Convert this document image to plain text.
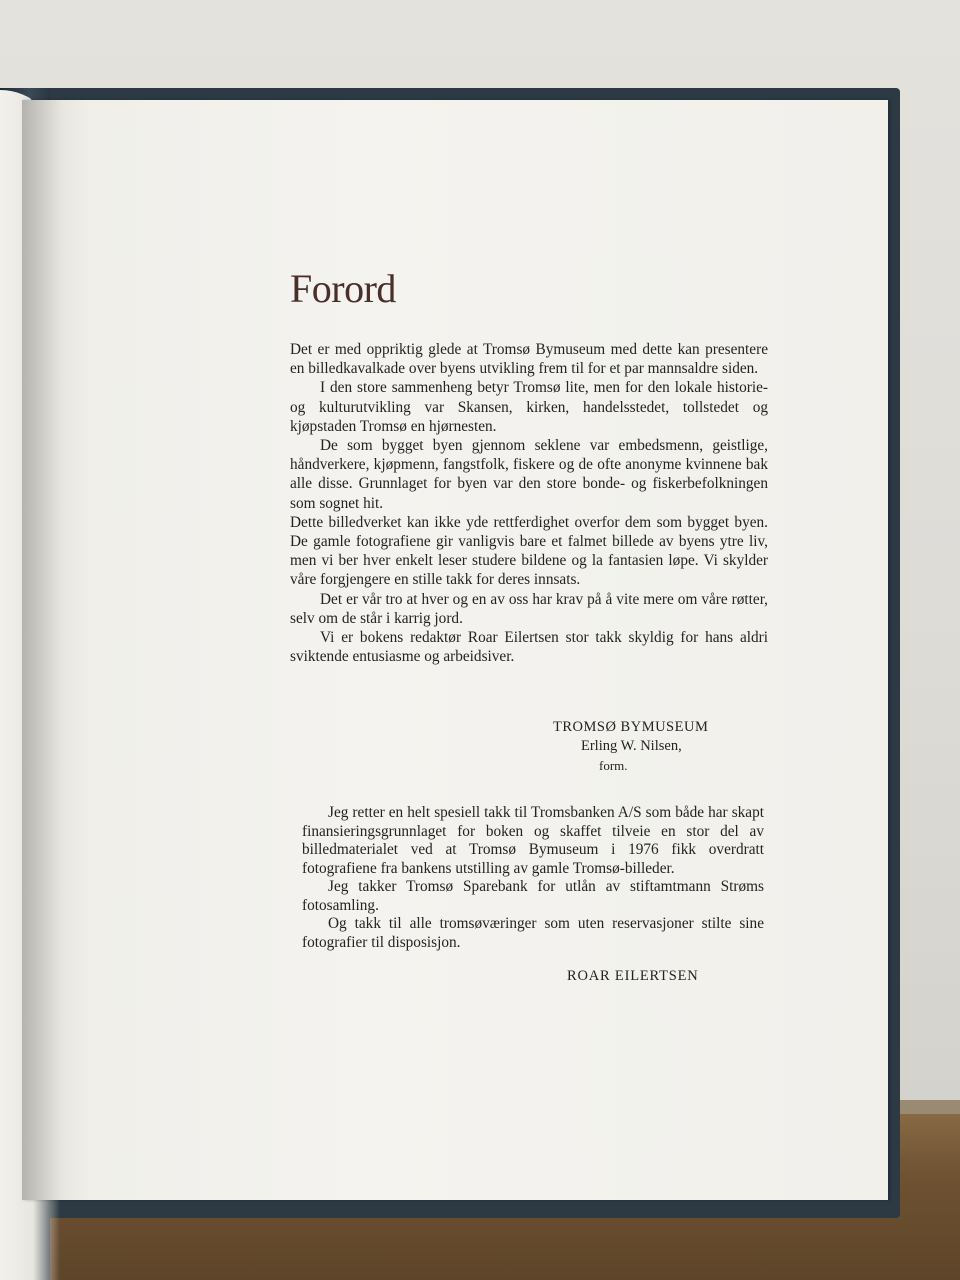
Forord

Det er med oppriktig glede at Tromsø Bymuseum med dette kan presentere en billedkavalkade over byens utvikling frem til for et par mannsaldre siden.

I den store sammenheng betyr Tromsø lite, men for den lokale historie- og kulturutvikling var Skansen, kirken, handelsstedet, tollstedet og kjøpstaden Tromsø en hjørnesten.

De som bygget byen gjennom seklene var embedsmenn, geistlige, håndverkere, kjøpmenn, fangstfolk, fiskere og de ofte anonyme kvinnene bak alle disse. Grunnlaget for byen var den store bonde- og fiskerbefolkningen som sognet hit.

Dette billedverket kan ikke yde rettferdighet overfor dem som bygget byen. De gamle fotografiene gir vanligvis bare et falmet billede av byens ytre liv, men vi ber hver enkelt leser studere bildene og la fantasien løpe. Vi skylder våre forgjengere en stille takk for deres innsats.

Det er vår tro at hver og en av oss har krav på å vite mere om våre røtter, selv om de står i karrig jord.

Vi er bokens redaktør Roar Eilertsen stor takk skyldig for hans aldri sviktende entusiasme og arbeidsiver.

TROMSØ BYMUSEUM
Erling W. Nilsen,
form.

Jeg retter en helt spesiell takk til Tromsbanken A/S som både har skapt finansieringsgrunnlaget for boken og skaffet tilveie en stor del av billedmaterialet ved at Tromsø Bymuseum i 1976 fikk overdratt fotografiene fra bankens utstilling av gamle Tromsø-billeder.

Jeg takker Tromsø Sparebank for utlån av stiftamtmann Strøms fotosamling.

Og takk til alle tromsøværinger som uten reservasjoner stilte sine fotografier til disposisjon.

ROAR EILERTSEN
